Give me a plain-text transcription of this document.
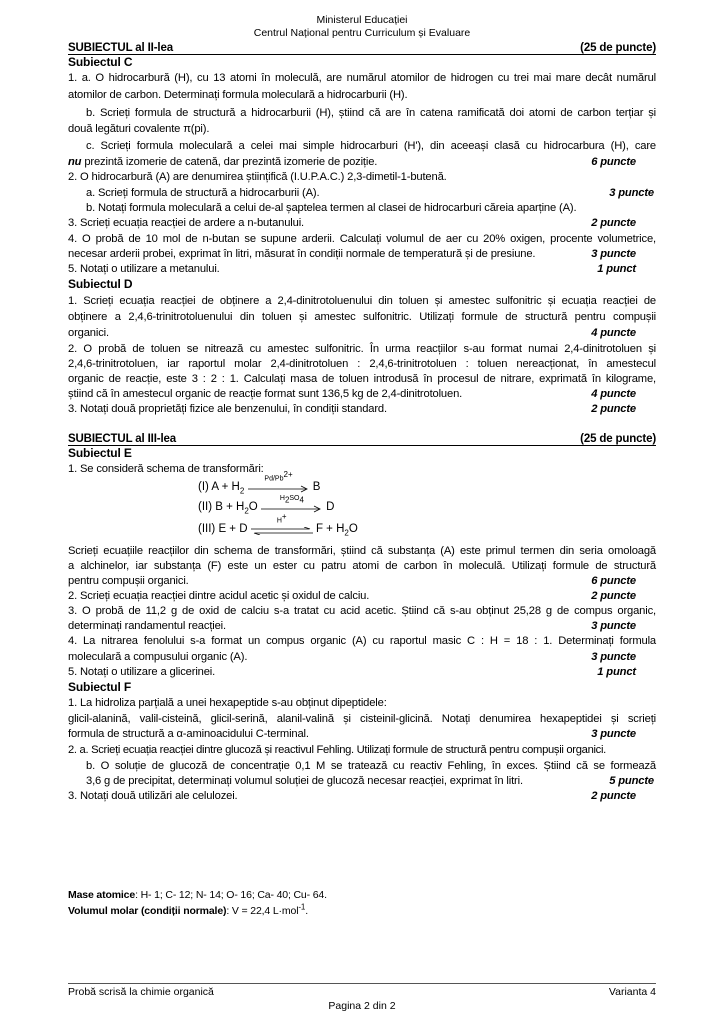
Ministerul Educației
Centrul Național pentru Curriculum și Evaluare
SUBIECTUL al II-lea	(25 de puncte)
Subiectul C
1. a. O hidrocarbură (H), cu 13 atomi în moleculă, are numărul atomilor de hidrogen cu trei mai mare decât numărul
atomilor de carbon. Determinați formula moleculară a hidrocarburii (H).
b. Scrieți formula de structură a hidrocarburii (H), știind că are în catena ramificată doi atomi de carbon terțiar și
două legături covalente π(pi).
c. Scrieți formula moleculară a celei mai simple hidrocarburi (H'), din aceeași clasă cu hidrocarbura (H), care
nu prezintă izomerie de catenă, dar prezintă izomerie de poziție.	6 puncte
2. O hidrocarbură (A) are denumirea științifică (I.U.P.A.C.) 2,3-dimetil-1-butenă.
a. Scrieți formula de structură a hidrocarburii (A).	3 puncte
b. Notați formula moleculară a celui de-al șaptelea termen al clasei de hidrocarburi căreia aparține (A).
3. Scrieți ecuația reacției de ardere a n-butanului.	2 puncte
4. O probă de 10 mol de n-butan se supune arderii. Calculați volumul de aer cu 20% oxigen, procente volumetrice,
necesar arderii probei, exprimat în litri, măsurat în condiții normale de temperatură și de presiune.	3 puncte
5. Notați o utilizare a metanului.	1 punct
Subiectul D
1. Scrieți ecuația reacției de obținere a 2,4-dinitrotoluenului din toluen și amestec sulfonitric și ecuația reacției de
obținere a 2,4,6-trinitrotoluenului din toluen și amestec sulfonitric. Utilizați formule de structură pentru compușii
organici.	4 puncte
2. O probă de toluen se nitrează cu amestec sulfonitric. În urma reacțiilor s-au format numai 2,4-dinitrotoluen și
2,4,6-trinitrotoluen, iar raportul molar 2,4-dinitrotoluen : 2,4,6-trinitrotoluen : toluen nereacționat, în amestecul
organic de reacție, este 3 : 2 : 1. Calculați masa de toluen introdusă în procesul de nitrare, exprimată în kilograme,
știind că în amestecul organic de reacție format sunt 136,5 kg de 2,4-dinitrotoluen.	4 puncte
3. Notați două proprietăți fizice ale benzenului, în condiții standard.	2 puncte
SUBIECTUL al III-lea	(25 de puncte)
Subiectul E
1. Se consideră schema de transformări:
(I) $A + H_2$
$Pd/Pb^{2+}$
B
(II) $B + H_2O$
$H_2SO_4$
D
(III) E + D
H+
$F + H_2O$
Scrieți ecuațiile reacțiilor din schema de transformări, știind că substanța (A) este primul termen din seria omoloagă
a alchinelor, iar substanța (F) este un ester cu patru atomi de carbon în moleculă. Utilizați formule de structură
pentru compușii organici.	6 puncte
2. Scrieți ecuația reacției dintre acidul acetic și oxidul de calciu.	2 puncte
3. O probă de 11,2 g de oxid de calciu s-a tratat cu acid acetic. Știind că s-au obținut 25,28 g de compus organic,
determinați randamentul reacției.	3 puncte
4. La nitrarea fenolului s-a format un compus organic (A) cu raportul masic C : H = 18 : 1. Determinați formula
moleculară a compusului organic (A).	3 puncte
5. Notați o utilizare a glicerinei.	1 punct
Subiectul F
1. La hidroliza parțială a unei hexapeptide s-au obținut dipeptidele:
glicil-alanină, valil-cisteină, glicil-serină, alanil-valină și cisteinil-glicină. Notați denumirea hexapeptidei și scrieți
formula de structură a α-aminoacidului C-terminal.	3 puncte
2. a. Scrieți ecuația reacției dintre glucoză și reactivul Fehling. Utilizați formule de structură pentru compușii organici.
b. O soluție de glucoză de concentrație 0,1 M se tratează cu reactiv Fehling, în exces. Știind că se formează
3,6 g de precipitat, determinați volumul soluției de glucoză necesar reacției, exprimat în litri.	5 puncte
3. Notați două utilizări ale celulozei.	2 puncte
Mase atomice: H- 1; C- 12; N- 14; O- 16; Ca- 40; Cu- 64.
Volumul molar (condiții normale): V = 22,4 L·mol$^{-1}$.
Probă scrisă la chimie organică	Varianta 4
Pagina 2 din 2
